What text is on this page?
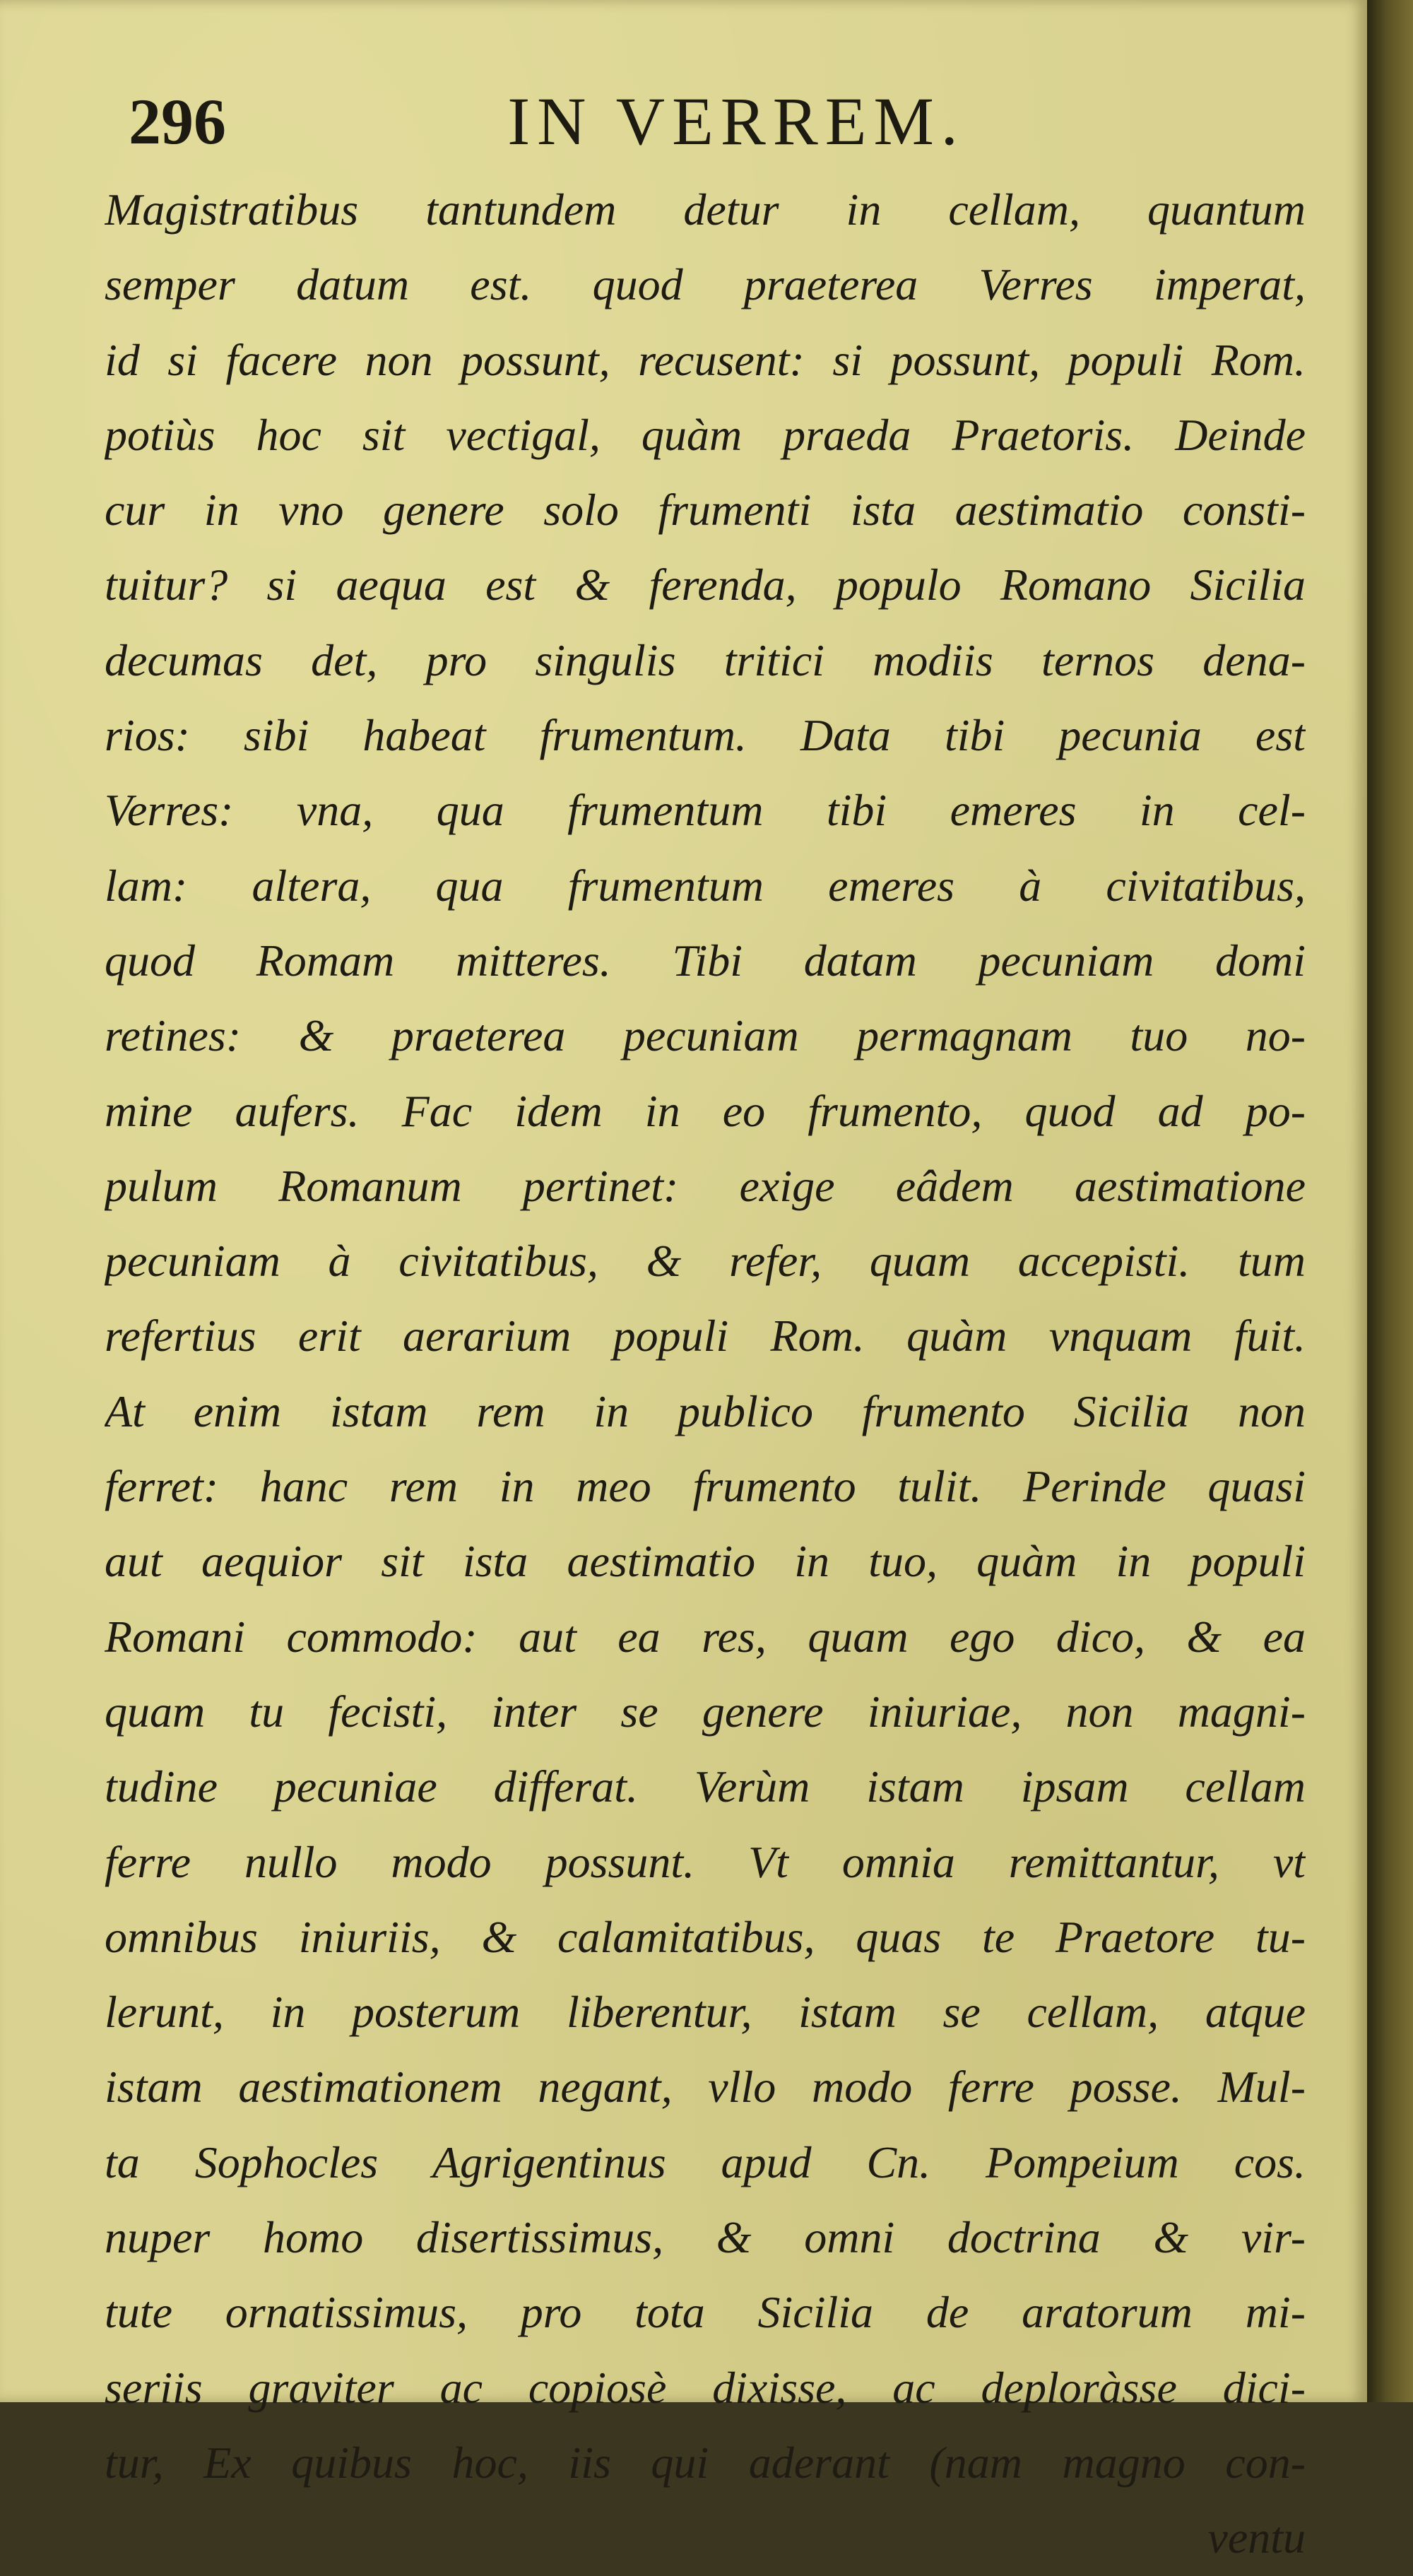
296	IN VERREM.
Magistratibus tantundem detur in cellam, quantum
semper datum est. quod praeterea Verres imperat,
id si facere non possunt, recusent: si possunt, populi Rom.
potiùs hoc sit vectigal, quàm praeda Praetoris. Deinde
cur in vno genere solo frumenti ista aestimatio consti-
tuitur? si aequa est & ferenda, populo Romano Sicilia
decumas det, pro singulis tritici modiis ternos dena-
rios: sibi habeat frumentum. Data tibi pecunia est
Verres: vna, qua frumentum tibi emeres in cel-
lam: altera, qua frumentum emeres à civitatibus,
quod Romam mitteres. Tibi datam pecuniam domi
retines: & praeterea pecuniam permagnam tuo no-
mine aufers. Fac idem in eo frumento, quod ad po-
pulum Romanum pertinet: exige eâdem aestimatione
pecuniam à civitatibus, & refer, quam accepisti. tum
refertius erit aerarium populi Rom. quàm vnquam fuit.
At enim istam rem in publico frumento Sicilia non
ferret: hanc rem in meo frumento tulit. Perinde quasi
aut aequior sit ista aestimatio in tuo, quàm in populi
Romani commodo: aut ea res, quam ego dico, & ea
quam tu fecisti, inter se genere iniuriae, non magni-
tudine pecuniae differat. Verùm istam ipsam cellam
ferre nullo modo possunt. Vt omnia remittantur, vt
omnibus iniuriis, & calamitatibus, quas te Praetore tu-
lerunt, in posterum liberentur, istam se cellam, atque
istam aestimationem negant, vllo modo ferre posse. Mul-
ta Sophocles Agrigentinus apud Cn. Pompeium cos.
nuper homo disertissimus, & omni doctrina & vir-
tute ornatissimus, pro tota Sicilia de aratorum mi-
seriis graviter ac copiosè dixisse, ac deploràsse dici-
tur, Ex quibus hoc, iis qui aderant (nam magno con-
ventu
